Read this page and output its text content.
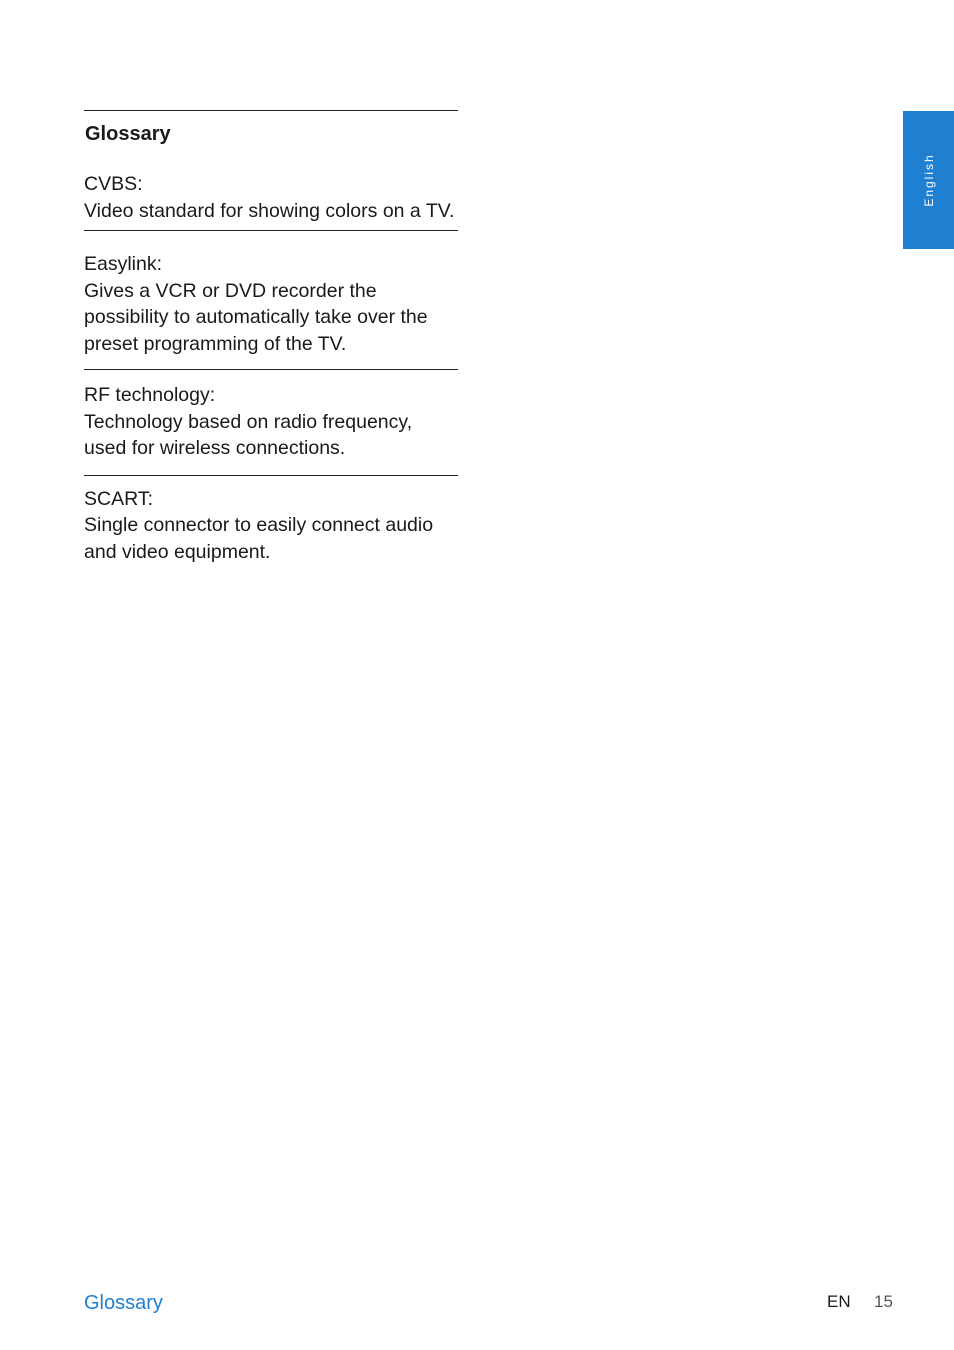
Glossary
CVBS:
Video standard for showing colors on a TV.
Easylink:
Gives a VCR or DVD recorder the possibility to automatically take over the preset programming of the TV.
RF technology:
Technology based on radio frequency, used for wireless connections.
SCART:
Single connector to easily connect audio and video equipment.
English
Glossary	EN 15
